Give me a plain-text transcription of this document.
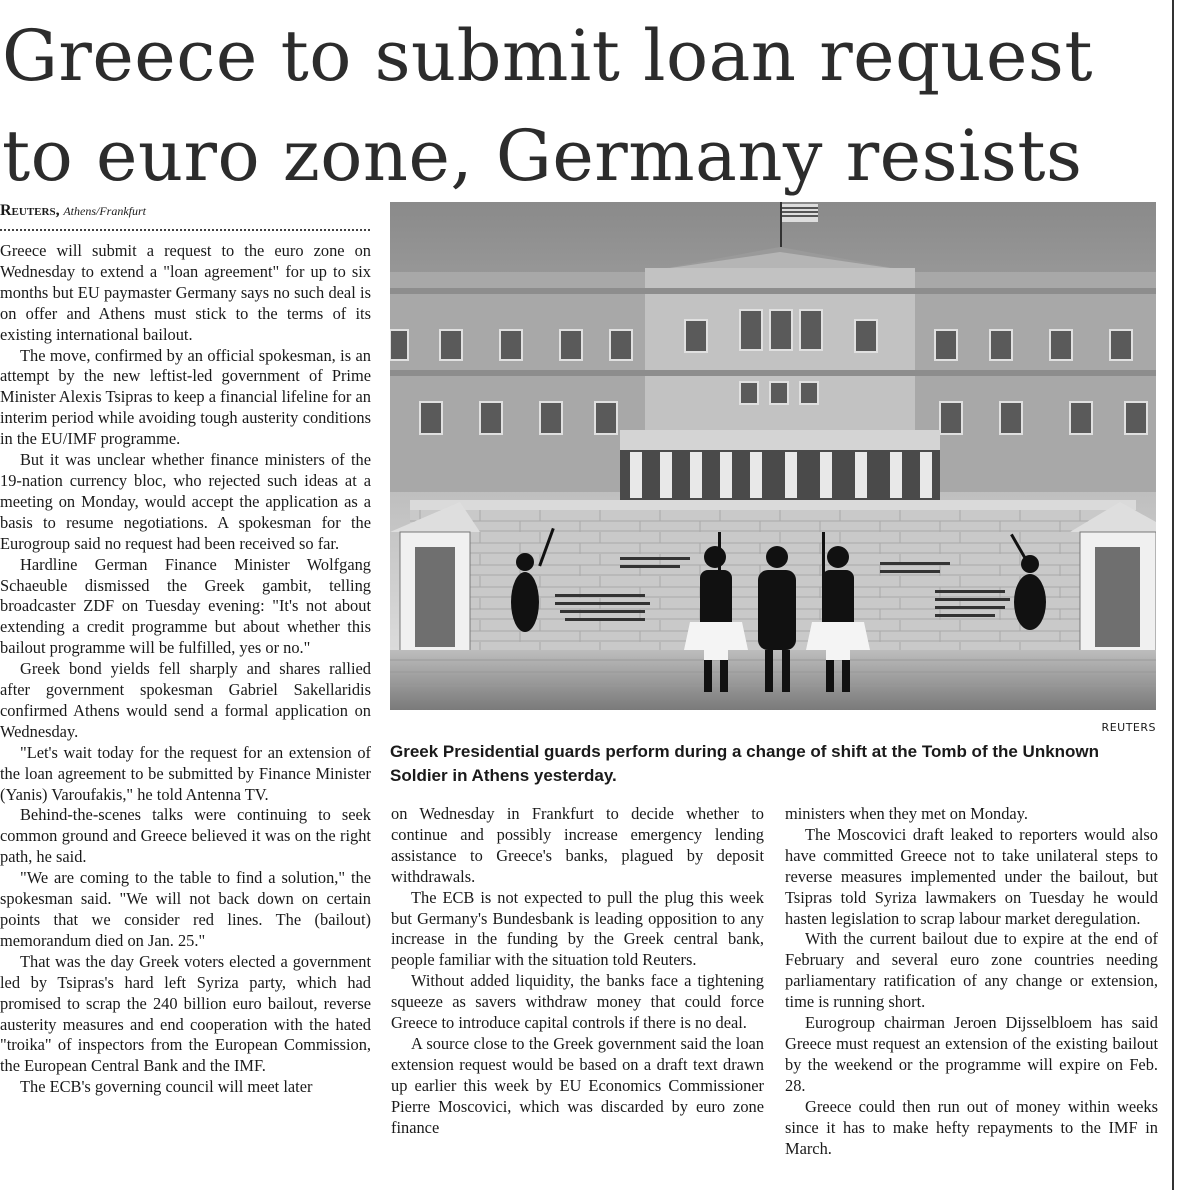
Greece to submit loan request
to euro zone, Germany resists
Reuters, Athens/Frankfurt

Greece will submit a request to the euro zone on Wednesday to extend a "loan agreement" for up to six months but EU paymaster Germany says no such deal is on offer and Athens must stick to the terms of its existing international bailout.

The move, confirmed by an official spokesman, is an attempt by the new leftist-led government of Prime Minister Alexis Tsipras to keep a financial lifeline for an interim period while avoiding tough austerity conditions in the EU/IMF programme.

But it was unclear whether finance ministers of the 19-nation currency bloc, who rejected such ideas at a meeting on Monday, would accept the application as a basis to resume negotiations. A spokesman for the Eurogroup said no request had been received so far.

Hardline German Finance Minister Wolfgang Schaeuble dismissed the Greek gambit, telling broadcaster ZDF on Tuesday evening: "It's not about extending a credit programme but about whether this bailout programme will be fulfilled, yes or no."

Greek bond yields fell sharply and shares rallied after government spokesman Gabriel Sakellaridis confirmed Athens would send a formal application on Wednesday.

"Let's wait today for the request for an extension of the loan agreement to be submitted by Finance Minister (Yanis) Varoufakis," he told Antenna TV.

Behind-the-scenes talks were continuing to seek common ground and Greece believed it was on the right path, he said.

"We are coming to the table to find a solution," the spokesman said. "We will not back down on certain points that we consider red lines. The (bailout) memorandum died on Jan. 25."

That was the day Greek voters elected a government led by Tsipras's hard left Syriza party, which had promised to scrap the 240 billion euro bailout, reverse austerity measures and end cooperation with the hated "troika" of inspectors from the European Commission, the European Central Bank and the IMF.

The ECB's governing council will meet later

REUTERS
Greek Presidential guards perform during a change of shift at the Tomb of the Unknown Soldier in Athens yesterday.

on Wednesday in Frankfurt to decide whether to continue and possibly increase emergency lending assistance to Greece's banks, plagued by deposit withdrawals.

The ECB is not expected to pull the plug this week but Germany's Bundesbank is leading opposition to any increase in the funding by the Greek central bank, people familiar with the situation told Reuters.

Without added liquidity, the banks face a tightening squeeze as savers withdraw money that could force Greece to introduce capital controls if there is no deal.

A source close to the Greek government said the loan extension request would be based on a draft text drawn up earlier this week by EU Economics Commissioner Pierre Moscovici, which was discarded by euro zone finance

ministers when they met on Monday.

The Moscovici draft leaked to reporters would also have committed Greece not to take unilateral steps to reverse measures implemented under the bailout, but Tsipras told Syriza lawmakers on Tuesday he would hasten legislation to scrap labour market deregulation.

With the current bailout due to expire at the end of February and several euro zone countries needing parliamentary ratification of any change or extension, time is running short.

Eurogroup chairman Jeroen Dijsselbloem has said Greece must request an extension of the existing bailout by the weekend or the programme will expire on Feb. 28.

Greece could then run out of money within weeks since it has to make hefty repayments to the IMF in March.
